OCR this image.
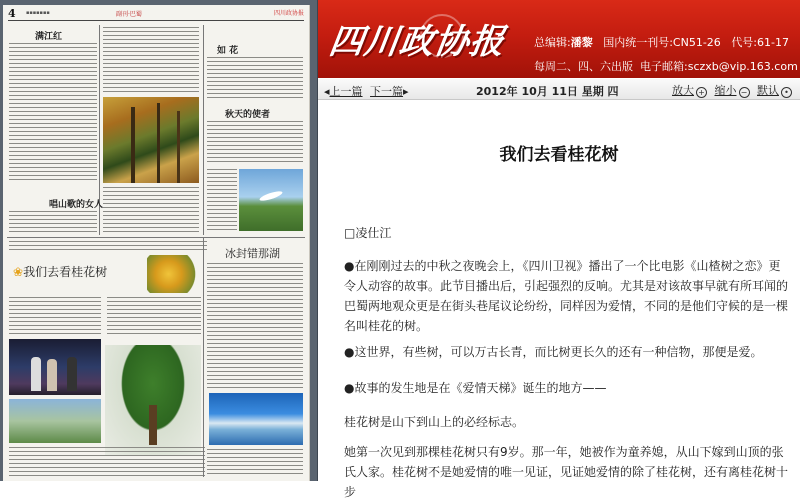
4 ▪▪▪▪▪▪▪	副刊·巴蜀	四川政协报
满江红
如 花
秋天的使者
唱山歌的女人
❀我们去看桂花树
冰封错那湖
四川政协报 总编辑:潘黎 国内统一刊号:CN51-26 代号:61-17
每周二、四、六出版 电子邮箱:sczxb@vip.163.com
◂上一篇 下一篇▸	2012年 10月 11日 星期 四	放大 + 缩小 − 默认 •
我们去看桂花树
□凌仕江

●在刚刚过去的中秋之夜晚会上，《四川卫视》播出了一个比电影《山楂树之恋》更令人动容的故事。此节目播出后，引起强烈的反响。尤其是对该故事早就有所耳闻的巴蜀两地观众更是在街头巷尾议论纷纷，同样因为爱情，不同的是他们守候的是一棵名叫桂花的树。

●这世界，有些树，可以万古长青，而比树更长久的还有一种信物，那便是爱。

●故事的发生地是在《爱情天梯》诞生的地方——

桂花树是山下到山上的必经标志。

她第一次见到那棵桂花树只有9岁。那一年，她被作为童养媳，从山下嫁到山顶的张氏人家。桂花树不是她爱情的唯一见证，见证她爱情的除了桂花树，还有离桂花树十步
